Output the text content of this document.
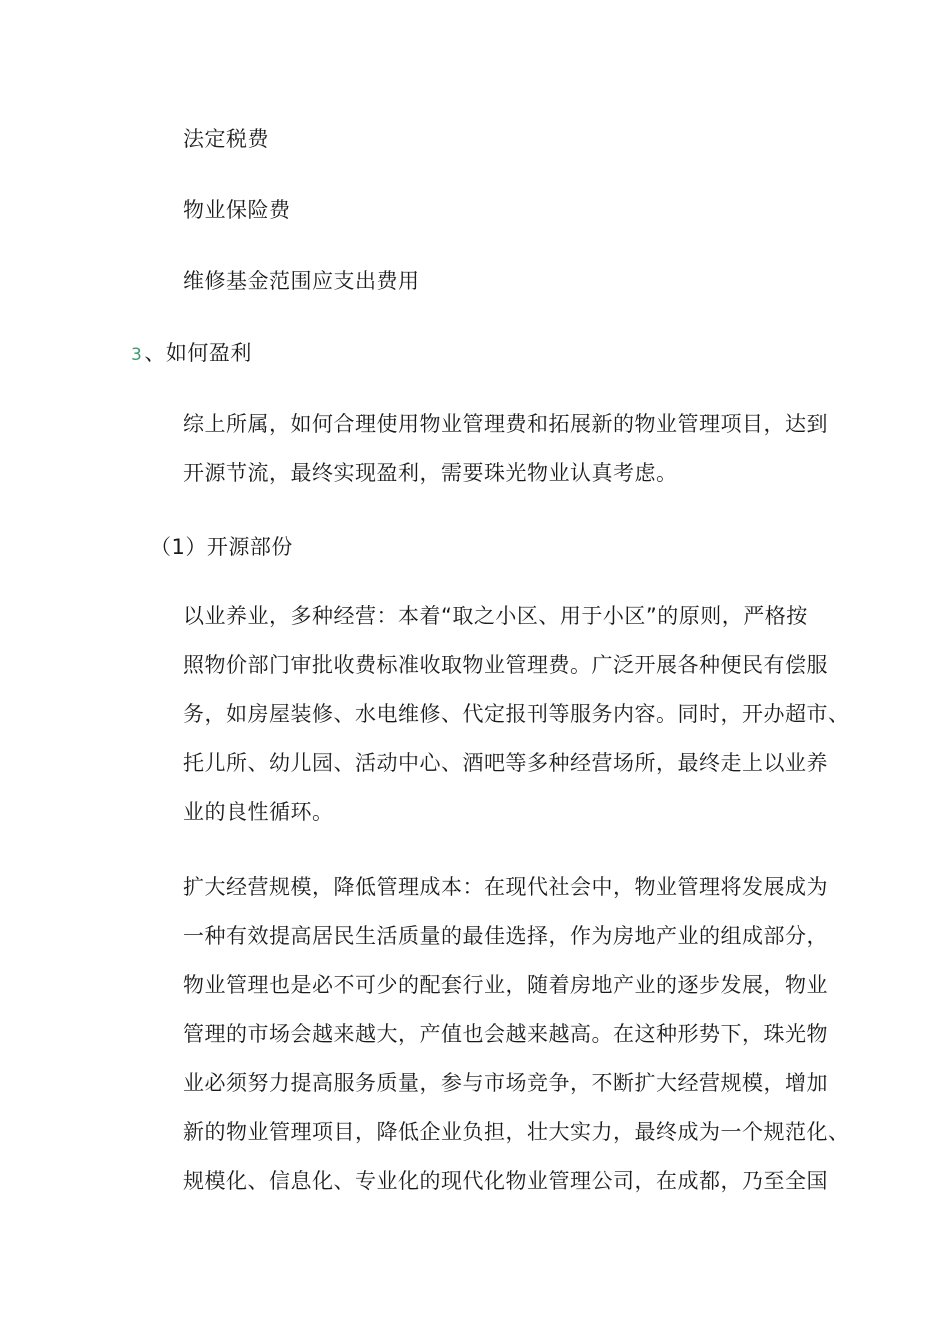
法定税费
物业保险费
维修基金范围应支出费用
3、如何盈利
综上所属，如何合理使用物业管理费和拓展新的物业管理项目，达到
开源节流，最终实现盈利，需要珠光物业认真考虑。
（1）开源部份
以业养业，多种经营：本着“取之小区、用于小区”的原则，严格按
照物价部门审批收费标准收取物业管理费。广泛开展各种便民有偿服
务，如房屋装修、水电维修、代定报刊等服务内容。同时，开办超市、
托儿所、幼儿园、活动中心、酒吧等多种经营场所，最终走上以业养
业的良性循环。
扩大经营规模，降低管理成本：在现代社会中，物业管理将发展成为
一种有效提高居民生活质量的最佳选择，作为房地产业的组成部分，
物业管理也是必不可少的配套行业，随着房地产业的逐步发展，物业
管理的市场会越来越大，产值也会越来越高。在这种形势下，珠光物
业必须努力提高服务质量，参与市场竞争，不断扩大经营规模，增加
新的物业管理项目，降低企业负担，壮大实力，最终成为一个规范化、
规模化、信息化、专业化的现代化物业管理公司，在成都，乃至全国
